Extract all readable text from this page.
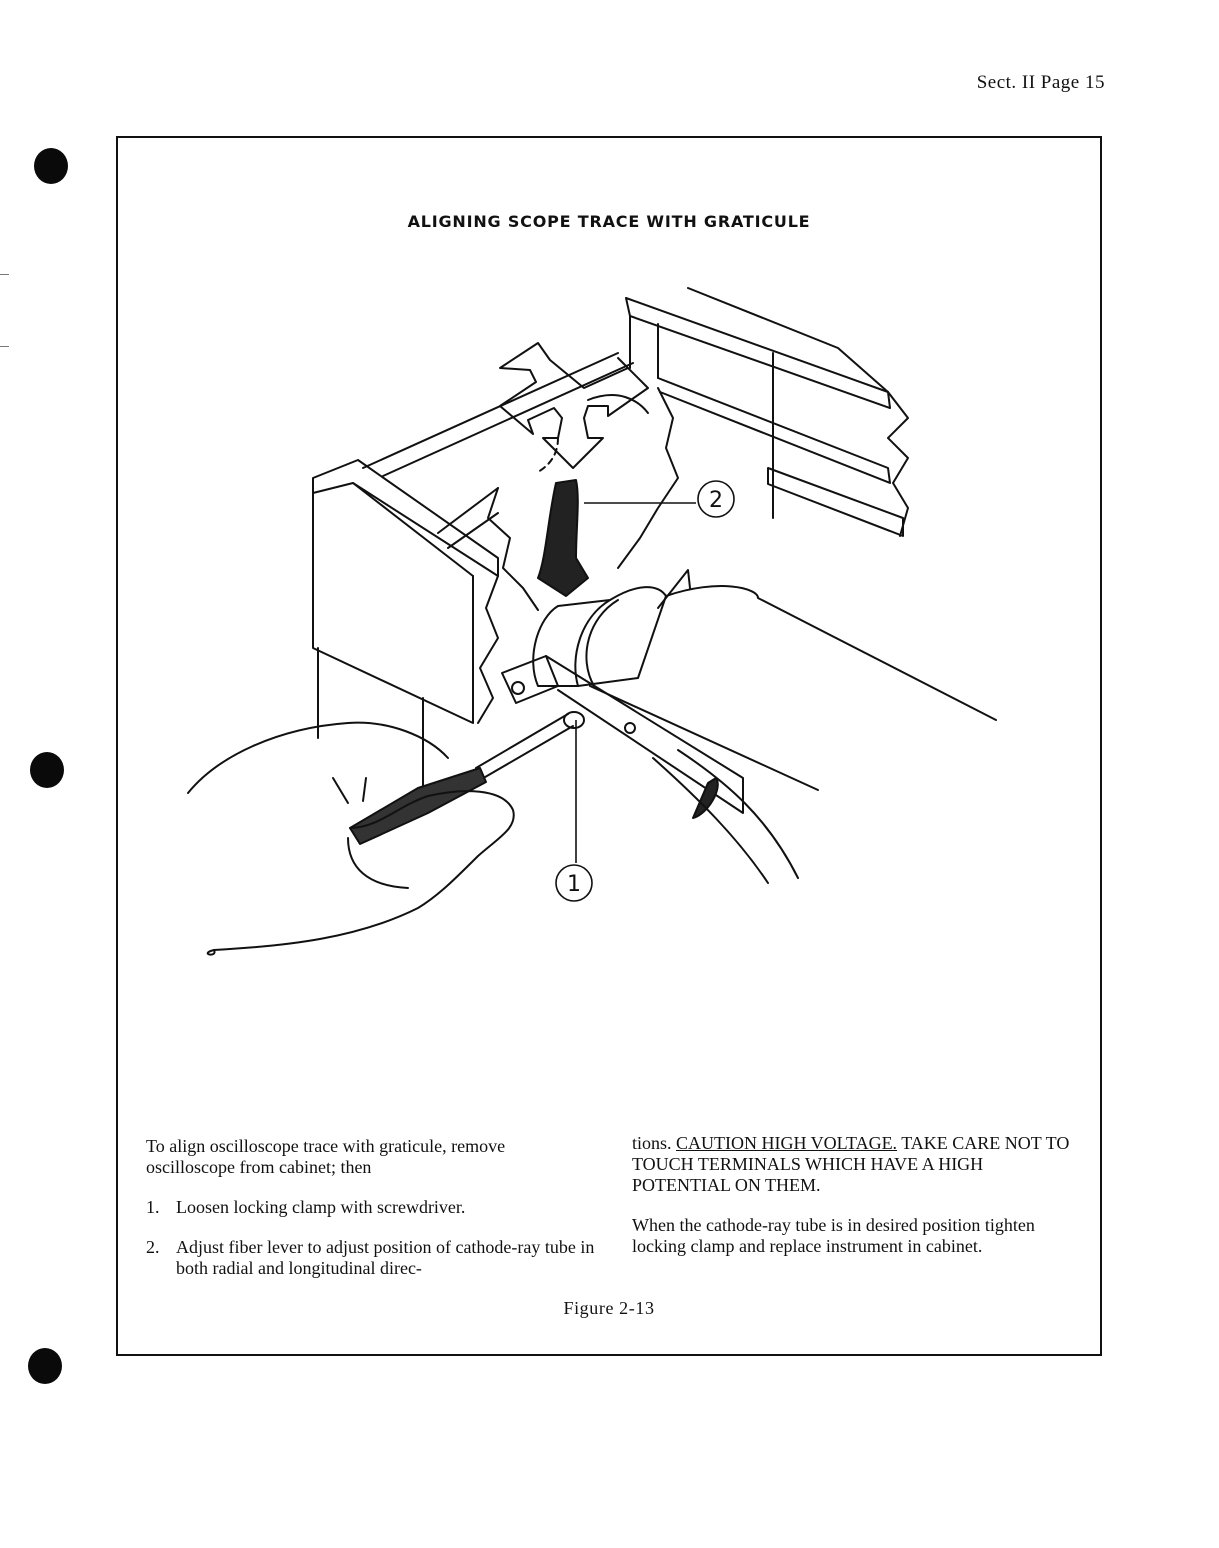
Sect. II Page 15
ALIGNING SCOPE TRACE WITH GRATICULE
2
1

To align oscilloscope trace with graticule, remove oscilloscope from cabinet; then

1. Loosen locking clamp with screwdriver.

2. Adjust fiber lever to adjust position of cathode-ray tube in both radial and longitudinal direc-

tions. CAUTION HIGH VOLTAGE. TAKE CARE NOT TO TOUCH TERMINALS WHICH HAVE A HIGH POTENTIAL ON THEM.

When the cathode-ray tube is in desired position tighten locking clamp and replace instrument in cabinet.

Figure 2-13
